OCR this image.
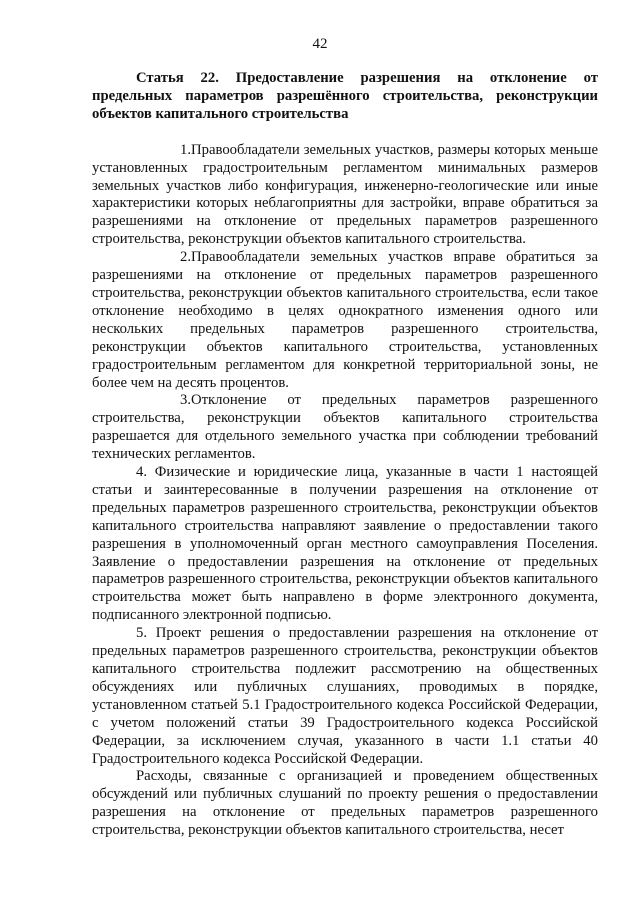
42

Статья 22. Предоставление разрешения на отклонение от предельных параметров разрешённого строительства, реконструкции объектов капитального строительства

1.Правообладатели земельных участков, размеры которых меньше установленных градостроительным регламентом минимальных размеров земельных участков либо конфигурация, инженерно-геологические или иные характеристики которых неблагоприятны для застройки, вправе обратиться за разрешениями на отклонение от предельных параметров разрешенного строительства, реконструкции объектов капитального строительства.

2.Правообладатели земельных участков вправе обратиться за разрешениями на отклонение от предельных параметров разрешенного строительства, реконструкции объектов капитального строительства, если такое отклонение необходимо в целях однократного изменения одного или нескольких предельных параметров разрешенного строительства, реконструкции объектов капитального строительства, установленных градостроительным регламентом для конкретной территориальной зоны, не более чем на десять процентов.

3.Отклонение от предельных параметров разрешенного строительства, реконструкции объектов капитального строительства разрешается для отдельного земельного участка при соблюдении требований технических регламентов.

4. Физические и юридические лица, указанные в части 1 настоящей статьи и заинтересованные в получении разрешения на отклонение от предельных параметров разрешенного строительства, реконструкции объектов капитального строительства направляют заявление о предоставлении такого разрешения в уполномоченный орган местного самоуправления Поселения. Заявление о предоставлении разрешения на отклонение от предельных параметров разрешенного строительства, реконструкции объектов капитального строительства может быть направлено в форме электронного документа, подписанного электронной подписью.

5. Проект решения о предоставлении разрешения на отклонение от предельных параметров разрешенного строительства, реконструкции объектов капитального строительства подлежит рассмотрению на общественных обсуждениях или публичных слушаниях, проводимых в порядке, установленном статьей 5.1 Градостроительного кодекса Российской Федерации, с учетом положений статьи 39 Градостроительного кодекса Российской Федерации, за исключением случая, указанного в части 1.1 статьи 40 Градостроительного кодекса Российской Федерации.

Расходы, связанные с организацией и проведением общественных обсуждений или публичных слушаний по проекту решения о предоставлении разрешения на отклонение от предельных параметров разрешенного строительства, реконструкции объектов капитального строительства, несет
